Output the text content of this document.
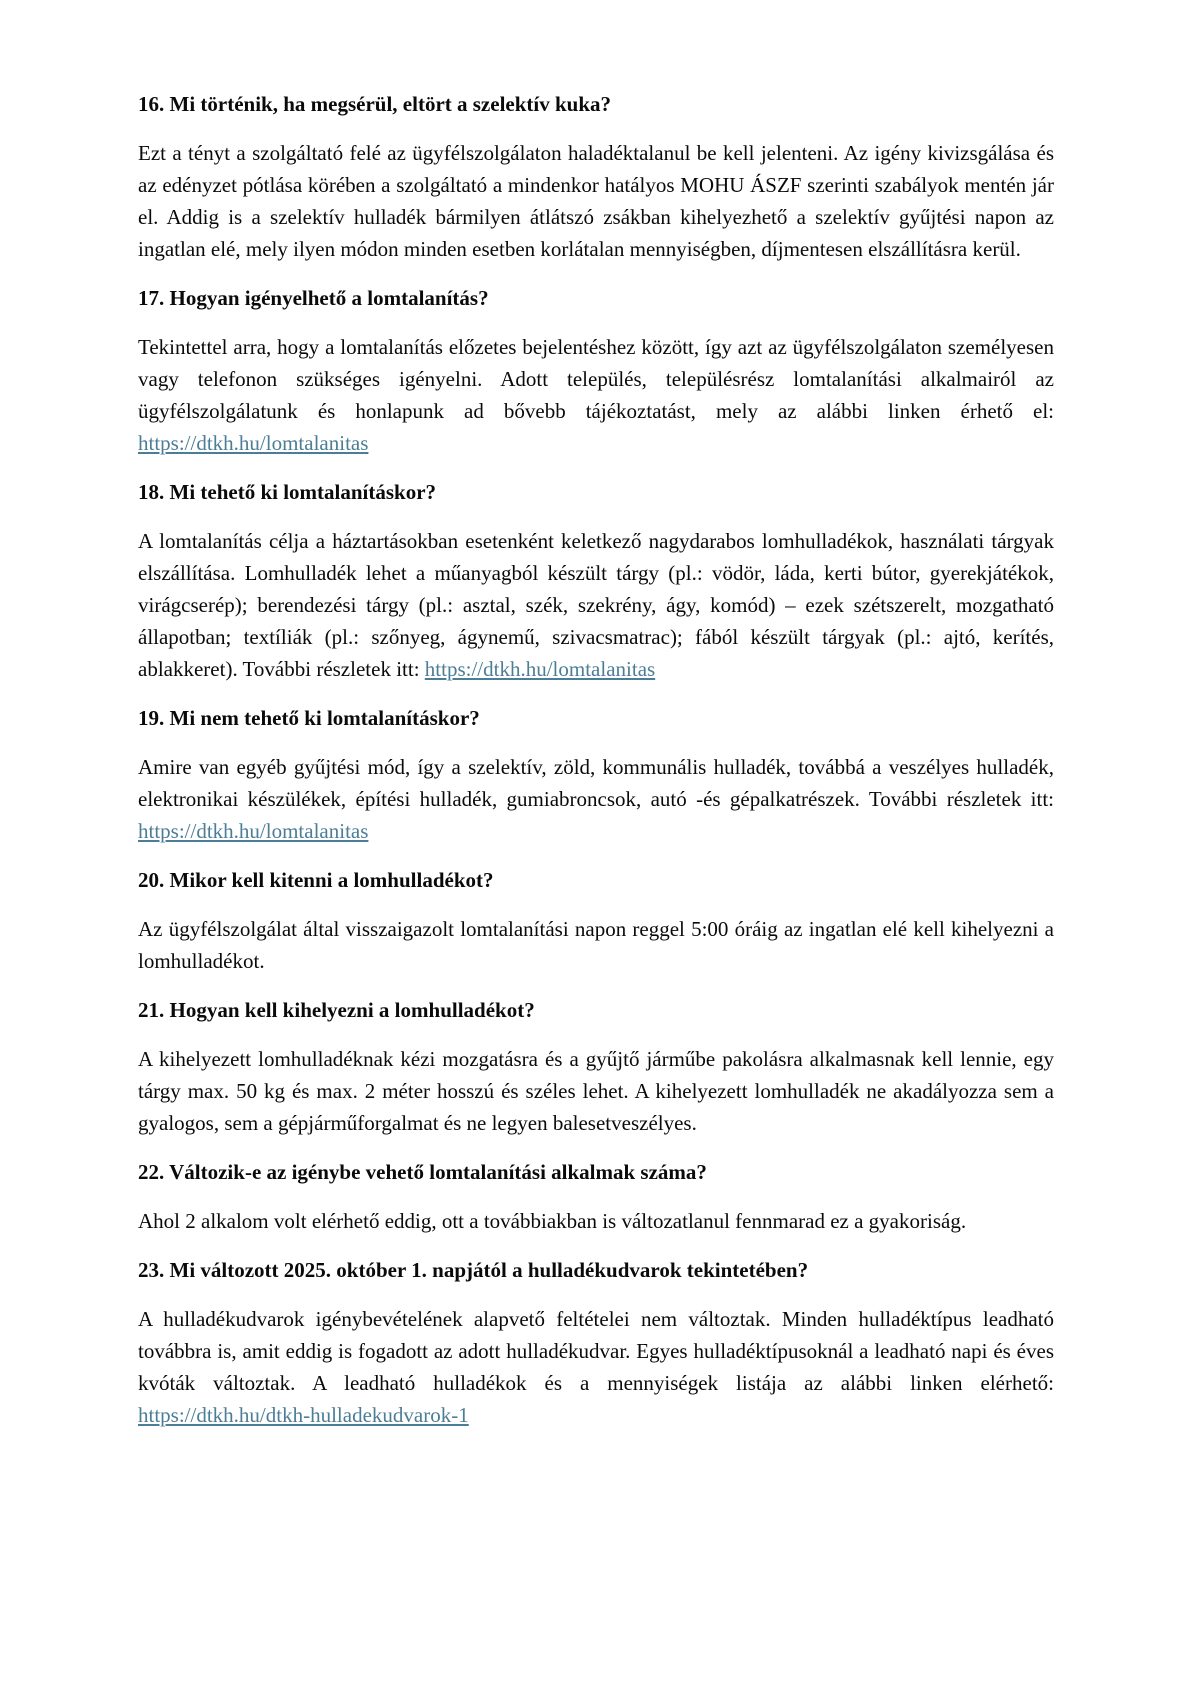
16. Mi történik, ha megsérül, eltört a szelektív kuka?

Ezt a tényt a szolgáltató felé az ügyfélszolgálaton haladéktalanul be kell jelenteni. Az igény kivizsgálása és az edényzet pótlása körében a szolgáltató a mindenkor hatályos MOHU ÁSZF szerinti szabályok mentén jár el. Addig is a szelektív hulladék bármilyen átlátszó zsákban kihelyezhető a szelektív gyűjtési napon az ingatlan elé, mely ilyen módon minden esetben korlátalan mennyiségben, díjmentesen elszállításra kerül.

17. Hogyan igényelhető a lomtalanítás?

Tekintettel arra, hogy a lomtalanítás előzetes bejelentéshez között, így azt az ügyfélszolgálaton személyesen vagy telefonon szükséges igényelni. Adott település, településrész lomtalanítási alkalmairól az ügyfélszolgálatunk és honlapunk ad bővebb tájékoztatást, mely az alábbi linken érhető el: https://dtkh.hu/lomtalanitas

18. Mi tehető ki lomtalanításkor?

A lomtalanítás célja a háztartásokban esetenként keletkező nagydarabos lomhulladékok, használati tárgyak elszállítása. Lomhulladék lehet a műanyagból készült tárgy (pl.: vödör, láda, kerti bútor, gyerekjátékok, virágcserép); berendezési tárgy (pl.: asztal, szék, szekrény, ágy, komód) – ezek szétszerelt, mozgatható állapotban; textíliák (pl.: szőnyeg, ágynemű, szivacsmatrac); fából készült tárgyak (pl.: ajtó, kerítés, ablakkeret). További részletek itt: https://dtkh.hu/lomtalanitas

19. Mi nem tehető ki lomtalanításkor?

Amire van egyéb gyűjtési mód, így a szelektív, zöld, kommunális hulladék, továbbá a veszélyes hulladék, elektronikai készülékek, építési hulladék, gumiabroncsok, autó -és gépalkatrészek. További részletek itt: https://dtkh.hu/lomtalanitas

20. Mikor kell kitenni a lomhulladékot?

Az ügyfélszolgálat által visszaigazolt lomtalanítási napon reggel 5:00 óráig az ingatlan elé kell kihelyezni a lomhulladékot.

21. Hogyan kell kihelyezni a lomhulladékot?

A kihelyezett lomhulladéknak kézi mozgatásra és a gyűjtő járműbe pakolásra alkalmasnak kell lennie, egy tárgy max. 50 kg és max. 2 méter hosszú és széles lehet. A kihelyezett lomhulladék ne akadályozza sem a gyalogos, sem a gépjárműforgalmat és ne legyen balesetveszélyes.

22. Változik-e az igénybe vehető lomtalanítási alkalmak száma?

Ahol 2 alkalom volt elérhető eddig, ott a továbbiakban is változatlanul fennmarad ez a gyakoriság.

23. Mi változott 2025. október 1. napjától a hulladékudvarok tekintetében?

A hulladékudvarok igénybevételének alapvető feltételei nem változtak. Minden hulladéktípus leadható továbbra is, amit eddig is fogadott az adott hulladékudvar. Egyes hulladéktípusoknál a leadható napi és éves kvóták változtak. A leadható hulladékok és a mennyiségek listája az alábbi linken elérhető: https://dtkh.hu/dtkh-hulladekudvarok-1
